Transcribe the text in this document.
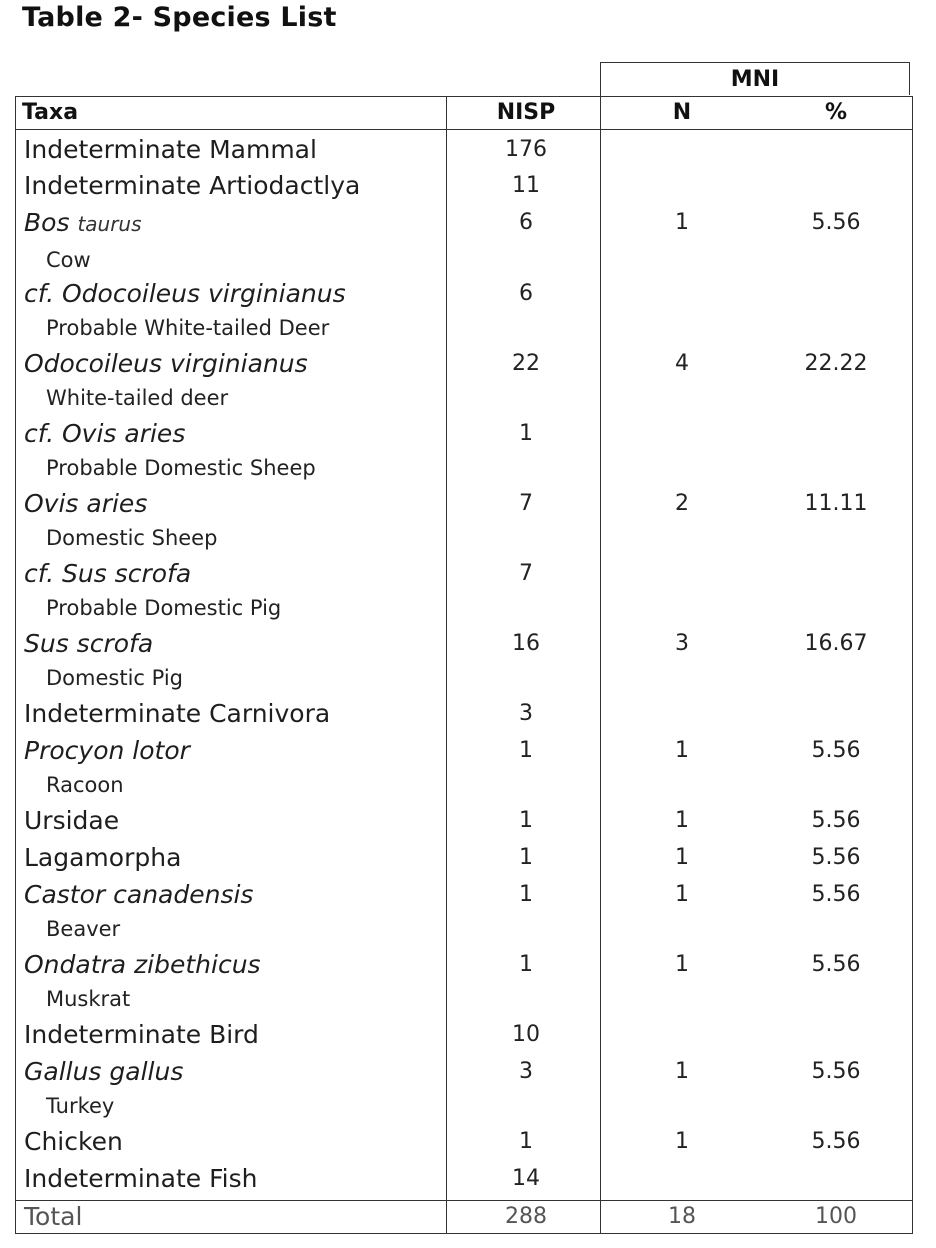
Table 2- Species List
MNI
Taxa	NISP	N	%
Indeterminate Mammal	176
Indeterminate Artiodactlya	11
Bos taurus	6	1	5.56
Cow
cf. Odocoileus virginianus	6
Probable White-tailed Deer
Odocoileus virginianus	22	4	22.22
White-tailed deer
cf. Ovis aries	1
Probable Domestic Sheep
Ovis aries	7	2	11.11
Domestic Sheep
cf. Sus scrofa	7
Probable Domestic Pig
Sus scrofa	16	3	16.67
Domestic Pig
Indeterminate Carnivora	3
Procyon lotor	1	1	5.56
Racoon
Ursidae	1	1	5.56
Lagamorpha	1	1	5.56
Castor canadensis	1	1	5.56
Beaver
Ondatra zibethicus	1	1	5.56
Muskrat
Indeterminate Bird	10
Gallus gallus	3	1	5.56
Turkey
Chicken	1	1	5.56
Indeterminate Fish	14
Total	288	18	100
